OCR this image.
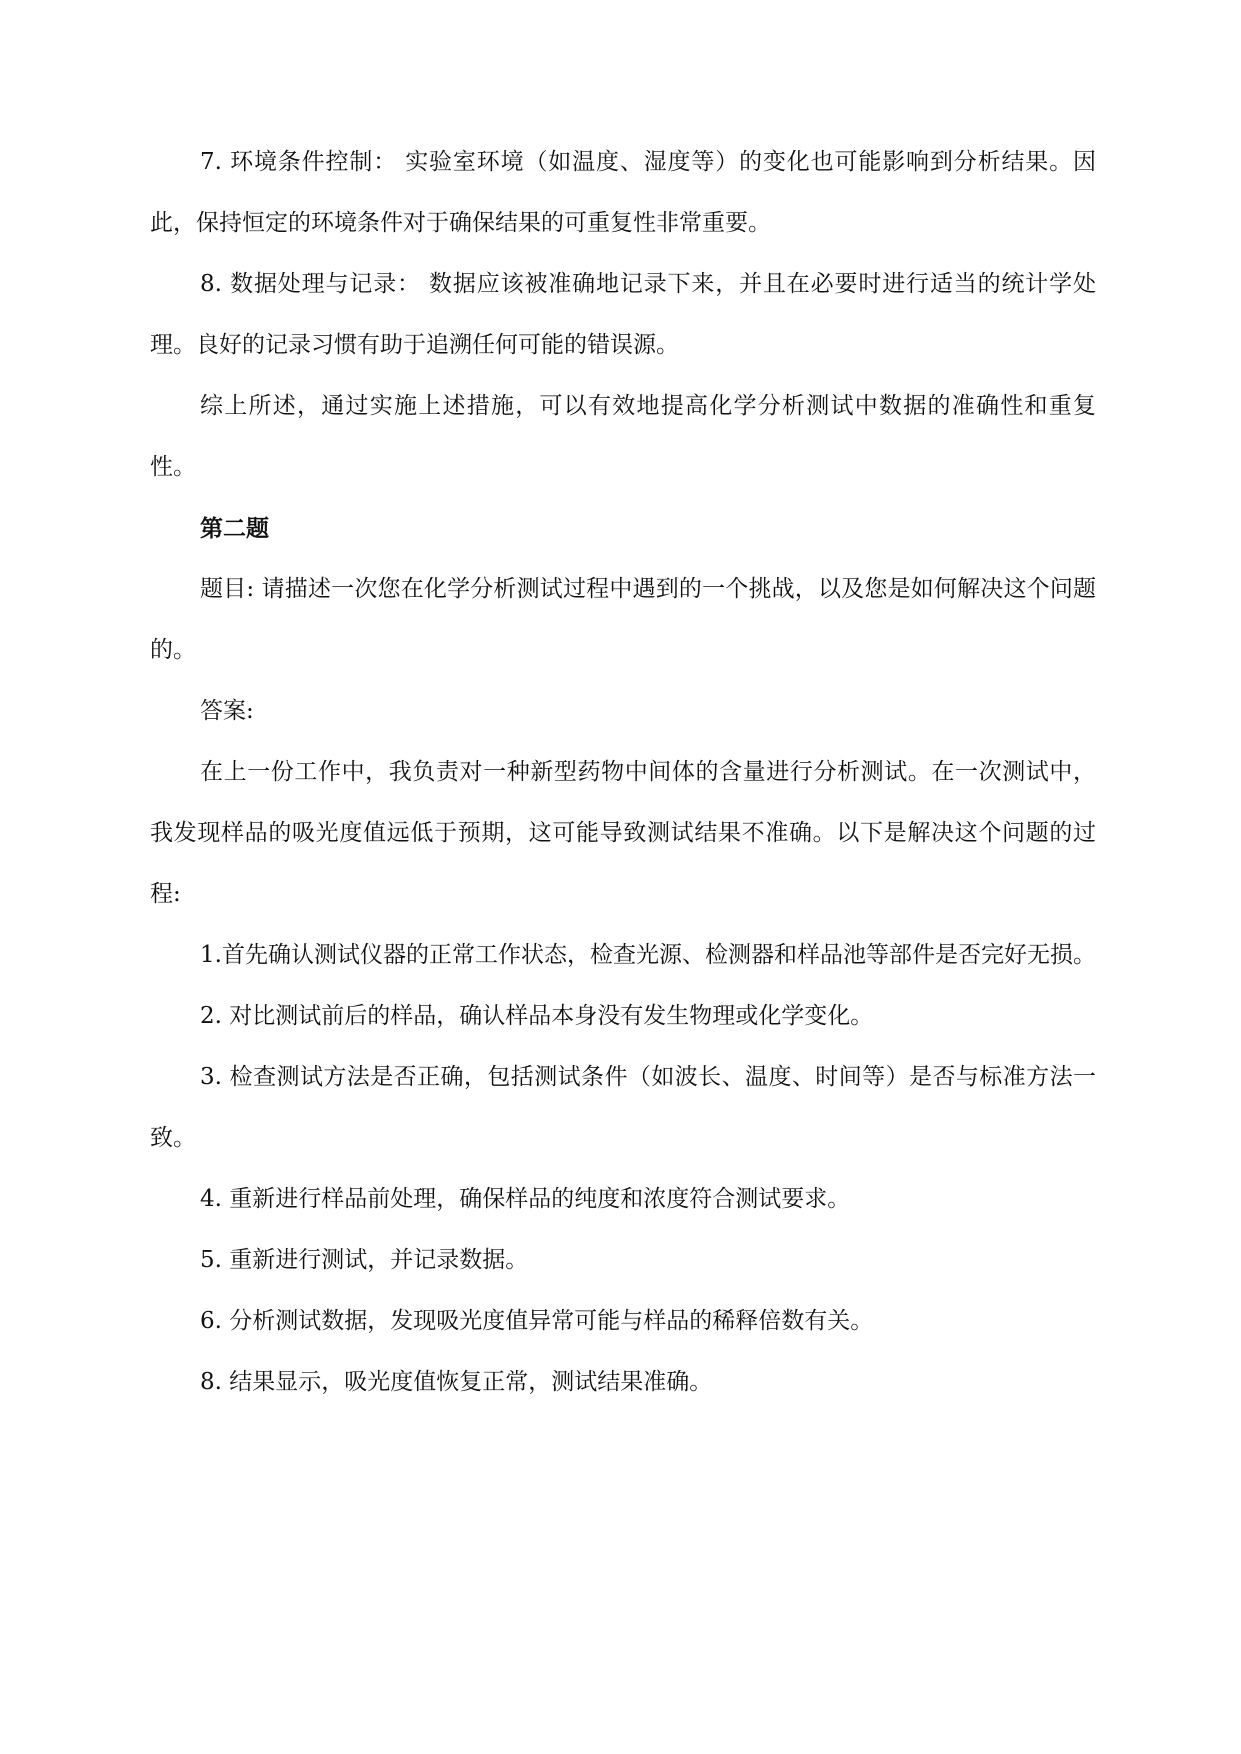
7. 环境条件控制： 实验室环境（如温度、湿度等）的变化也可能影响到分析结果。因此，保持恒定的环境条件对于确保结果的可重复性非常重要。

8. 数据处理与记录： 数据应该被准确地记录下来，并且在必要时进行适当的统计学处理。良好的记录习惯有助于追溯任何可能的错误源。

综上所述，通过实施上述措施，可以有效地提高化学分析测试中数据的准确性和重复性。

第二题

题目: 请描述一次您在化学分析测试过程中遇到的一个挑战，以及您是如何解决这个问题的。

答案:

在上一份工作中，我负责对一种新型药物中间体的含量进行分析测试。在一次测试中，我发现样品的吸光度值远低于预期，这可能导致测试结果不准确。以下是解决这个问题的过程:

1.首先确认测试仪器的正常工作状态，检查光源、检测器和样品池等部件是否完好无损。

2. 对比测试前后的样品，确认样品本身没有发生物理或化学变化。

3. 检查测试方法是否正确，包括测试条件（如波长、温度、时间等）是否与标准方法一致。

4. 重新进行样品前处理，确保样品的纯度和浓度符合测试要求。

5. 重新进行测试，并记录数据。

6. 分析测试数据，发现吸光度值异常可能与样品的稀释倍数有关。

8. 结果显示，吸光度值恢复正常，测试结果准确。
